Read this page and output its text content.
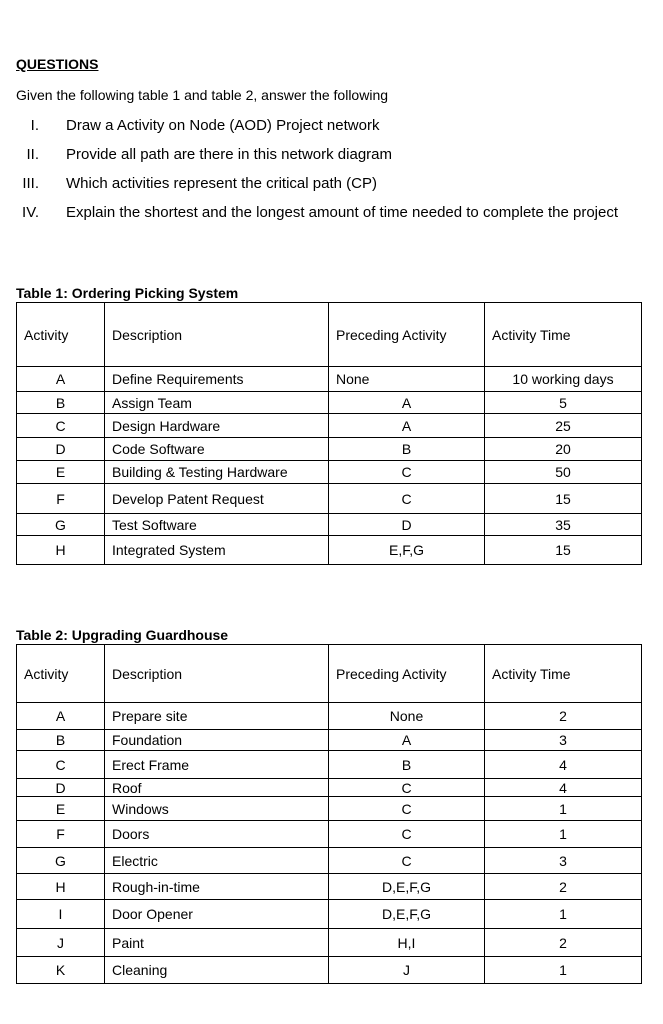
QUESTIONS
Given the following table 1 and table 2, answer the following
I. Draw a Activity on Node (AOD) Project network
II. Provide all path are there in this network diagram
III. Which activities represent the critical path (CP)
IV. Explain the shortest and the longest amount of time needed to complete the project
Table 1: Ordering Picking System
Activity	Description	Preceding Activity	Activity Time
A	Define Requirements	None	10 working days
B	Assign Team	A	5
C	Design Hardware	A	25
D	Code Software	B	20
E	Building & Testing Hardware	C	50
F	Develop Patent Request	C	15
G	Test Software	D	35
H	Integrated System	E,F,G	15
Table 2: Upgrading Guardhouse
Activity	Description	Preceding Activity	Activity Time
A	Prepare site	None	2
B	Foundation	A	3
C	Erect Frame	B	4
D	Roof	C	4
E	Windows	C	1
F	Doors	C	1
G	Electric	C	3
H	Rough-in-time	D,E,F,G	2
I	Door Opener	D,E,F,G	1
J	Paint	H,I	2
K	Cleaning	J	1
